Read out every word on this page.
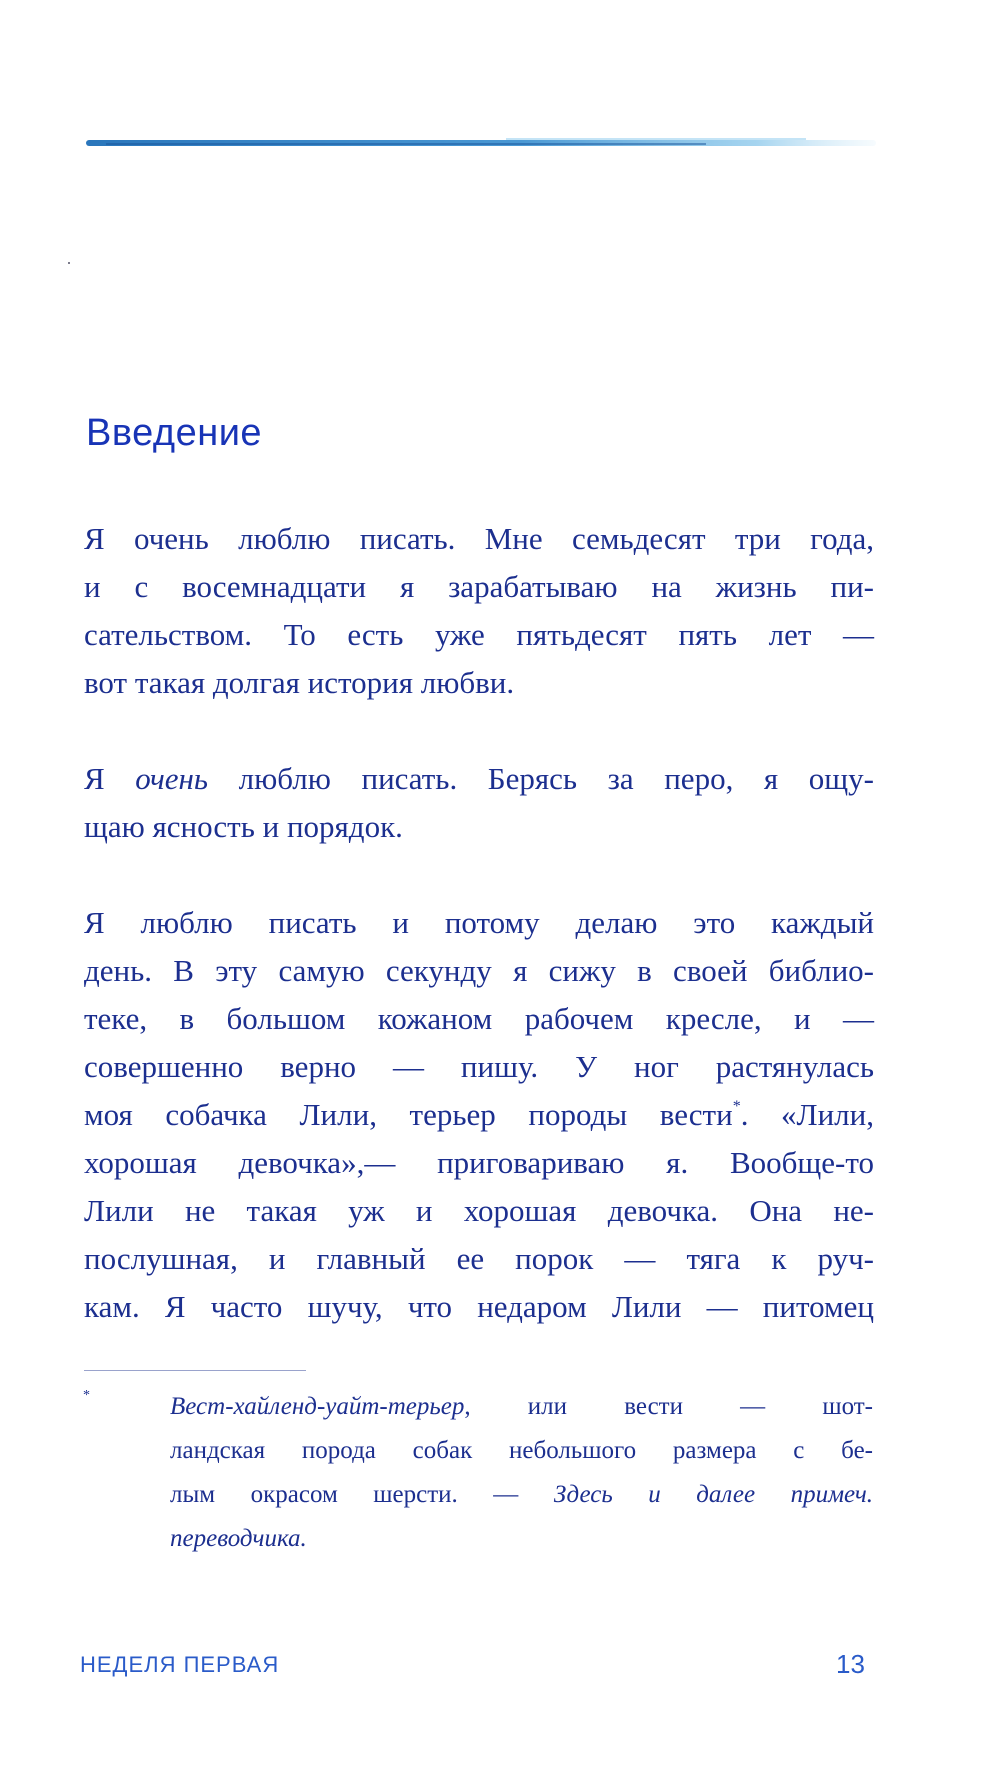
Введение

Я очень люблю писать. Мне семьдесят три года,
и с восемнадцати я зарабатываю на жизнь пи-
сательством. То есть уже пятьдесят пять лет —
вот такая долгая история любви.

Я очень люблю писать. Берясь за перо, я ощу-
щаю ясность и порядок.

Я люблю писать и потому делаю это каждый
день. В эту самую секунду я сижу в своей библио-
теке, в большом кожаном рабочем кресле, и —
совершенно верно — пишу. У ног растянулась
моя собачка Лили, терьер породы вести*. «Лили,
хорошая девочка»,— приговариваю я. Вообще-то
Лили не такая уж и хорошая девочка. Она не-
послушная, и главный ее порок — тяга к руч-
кам. Я часто шучу, что недаром Лили — питомец

*	Вест-хайленд-уайт-терьер, или вести — шот-
ландская порода собак небольшого размера с бе-
лым окрасом шерсти. — Здесь и далее примеч.
переводчика.

НЕДЕЛЯ ПЕРВАЯ	13
